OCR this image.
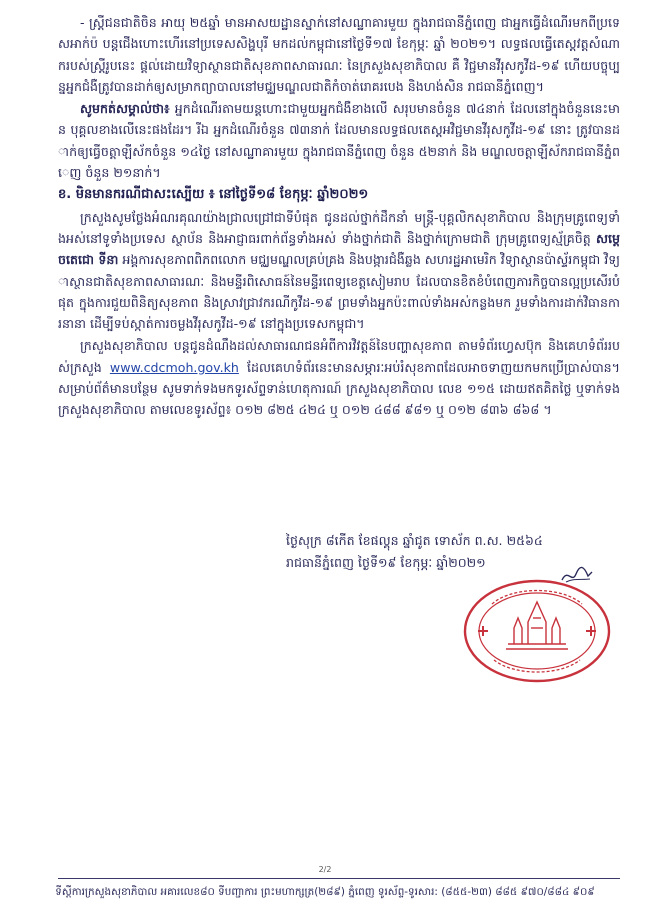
- ស្ត្រីជនជាតិចិន អាយុ ២៥ឆ្នាំ មានអាសយដ្ឋានស្នាក់នៅសណ្ឋាគារមួយ ក្នុងរាជធានីភ្នំពេញ ជាអ្នកធ្វើដំណើរមកពីប្រទេសអាក់ប៉ បន្តជើងហោះហើរនៅប្រទេសសិង្ហបុរី មកដល់កម្ពុជានៅថ្ងៃទី១៧ ខែកុម្ភៈ ឆ្នាំ ២០២១។ លទ្ធផលធ្វើតេស្តវត្តសំណាករបស់ស្ត្រីរូបនេះ ផ្តល់ដោយវិទ្យាស្ថានជាតិសុខភាពសាធារណៈ នៃក្រសួងសុខាភិបាល គឺ វិជ្ជមានវីរុសកូវីដ-១៩ ហើយបច្ចុប្បន្នអ្នកជំងឺត្រូវបានដាក់ឲ្យសម្រាកព្យាបាលនៅមជ្ឈមណ្ឌលជាតិកំចាត់រោគរបេង និងហង់សិន រាជធានីភ្នំពេញ។

សូមកត់សម្គាល់ថា៖ អ្នកដំណើរតាមយន្តហោះជាមួយអ្នកជំងឺខាងលើ សរុបមានចំនួន ៧៤នាក់ ដែលនៅក្នុងចំនួននេះមាន បុគ្គលខាងលើនេះផងដែរ។ រីឯ អ្នកដំណើរចំនួន ៧៣នាក់ ដែលមានលទ្ធផលតេស្តអវិជ្ជមានវីរុសកូវីដ-១៩ នោះ ត្រូវបានដាក់ឲ្យធ្វើចត្តាឡីស័កចំនួន ១៤ថ្ងៃ នៅសណ្ឋាគារមួយ ក្នុងរាជធានីភ្នំពេញ ចំនួន ៥២នាក់ និង មណ្ឌលចត្តាឡីស័ករាជធានីភ្នំពេញ ចំនួន ២១នាក់។

ខ. មិនមានករណីជាសះស្បើយ ៖ នៅថ្ងៃទី១៨ ខែកុម្ភៈ ឆ្នាំ២០២១

ក្រសួងសូមថ្លែងអំណរគុណយ៉ាងជ្រាលជ្រៅជាទីបំផុត ជូនដល់ថ្នាក់ដឹកនាំ មន្ត្រី-បុគ្គលិកសុខាភិបាល និងក្រុមគ្រូពេទ្យទាំងអស់នៅទូទាំងប្រទេស ស្ថាប័ន និងអាជ្ញាធរពាក់ព័ន្ធទាំងអស់ ទាំងថ្នាក់ជាតិ និងថ្នាក់ក្រោមជាតិ ក្រុមគ្រូពេទ្យស្ម័គ្រចិត្ត សម្តេចតេជោ ទីនា អង្គការសុខភាពពិភពលោក មជ្ឈមណ្ឌលគ្រប់គ្រង និងបង្ការជំងឺឆ្លង សហរដ្ឋអាមេរិក វិទ្យាស្ថានប៉ាស្ទ័រកម្ពុជា វិទ្យាស្ថានជាតិសុខភាពសាធារណៈ និងមន្ទីរពិសោធន៍នៃមន្ទីរពេទ្យខេត្តសៀមរាប ដែលបានខិតខំបំពេញភារកិច្ចបានល្អប្រសើរបំផុត ក្នុងការជួយពិនិត្យសុខភាព និងស្រាវជ្រាវករណីកូវីដ-១៩ ព្រមទាំងអ្នកប៉ះពាល់ទាំងអស់កន្លងមក រួមទាំងការដាក់វិធានការនានា ដើម្បីទប់ស្កាត់ការចម្លងវីរុសកូវីដ-១៩ នៅក្នុងប្រទេសកម្ពុជា។

ក្រសួងសុខាភិបាល បន្តជូនដំណឹងដល់សាធារណជនអំពីការវិវត្តន៍នៃបញ្ហាសុខភាព តាមទំព័រហ្វេសប៊ុក និងគេហទំព័ររបស់ក្រសួង www.cdcmoh.gov.kh ដែលគេហទំព័រនេះមានសម្ភារៈអប់រំសុខភាពដែលអាចទាញយកមកប្រើប្រាស់បាន។ សម្រាប់ព័ត៌មានបន្ថែម សូមទាក់ទងមកទូរស័ព្ទទាន់ហេតុការណ៍ ក្រសួងសុខាភិបាល លេខ ១១៥ ដោយឥតគិតថ្លៃ ឬទាក់ទងក្រសួងសុខាភិបាល តាមលេខទូរស័ព្ទ៖ ០១២ ៨២៥ ៤២៤ ឬ ០១២ ៤៨៨ ៩៨១ ឬ ០១២ ៨៣៦ ៨៦៨ ។

ថ្ងៃសុក្រ ៨កើត ខែផល្គុន ឆ្នាំជូត ទោស័ក ព.ស. ២៥៦៤

រាជធានីភ្នំពេញ ថ្ងៃទី១៩ ខែកុម្ភៈ ឆ្នាំ២០២១

2/2
ទីស្តីការក្រសួងសុខាភិបាល អគារលេខ៨០ ទីបញ្ជាការ ព្រះមហាក្សត្រ(២៨៩) ភ្នំពេញ ទូរស័ព្ទ-ទូរសារ: (៨៥៥-២៣) ៨៨៥ ៩៧០/៨៨៤ ៩០៩
